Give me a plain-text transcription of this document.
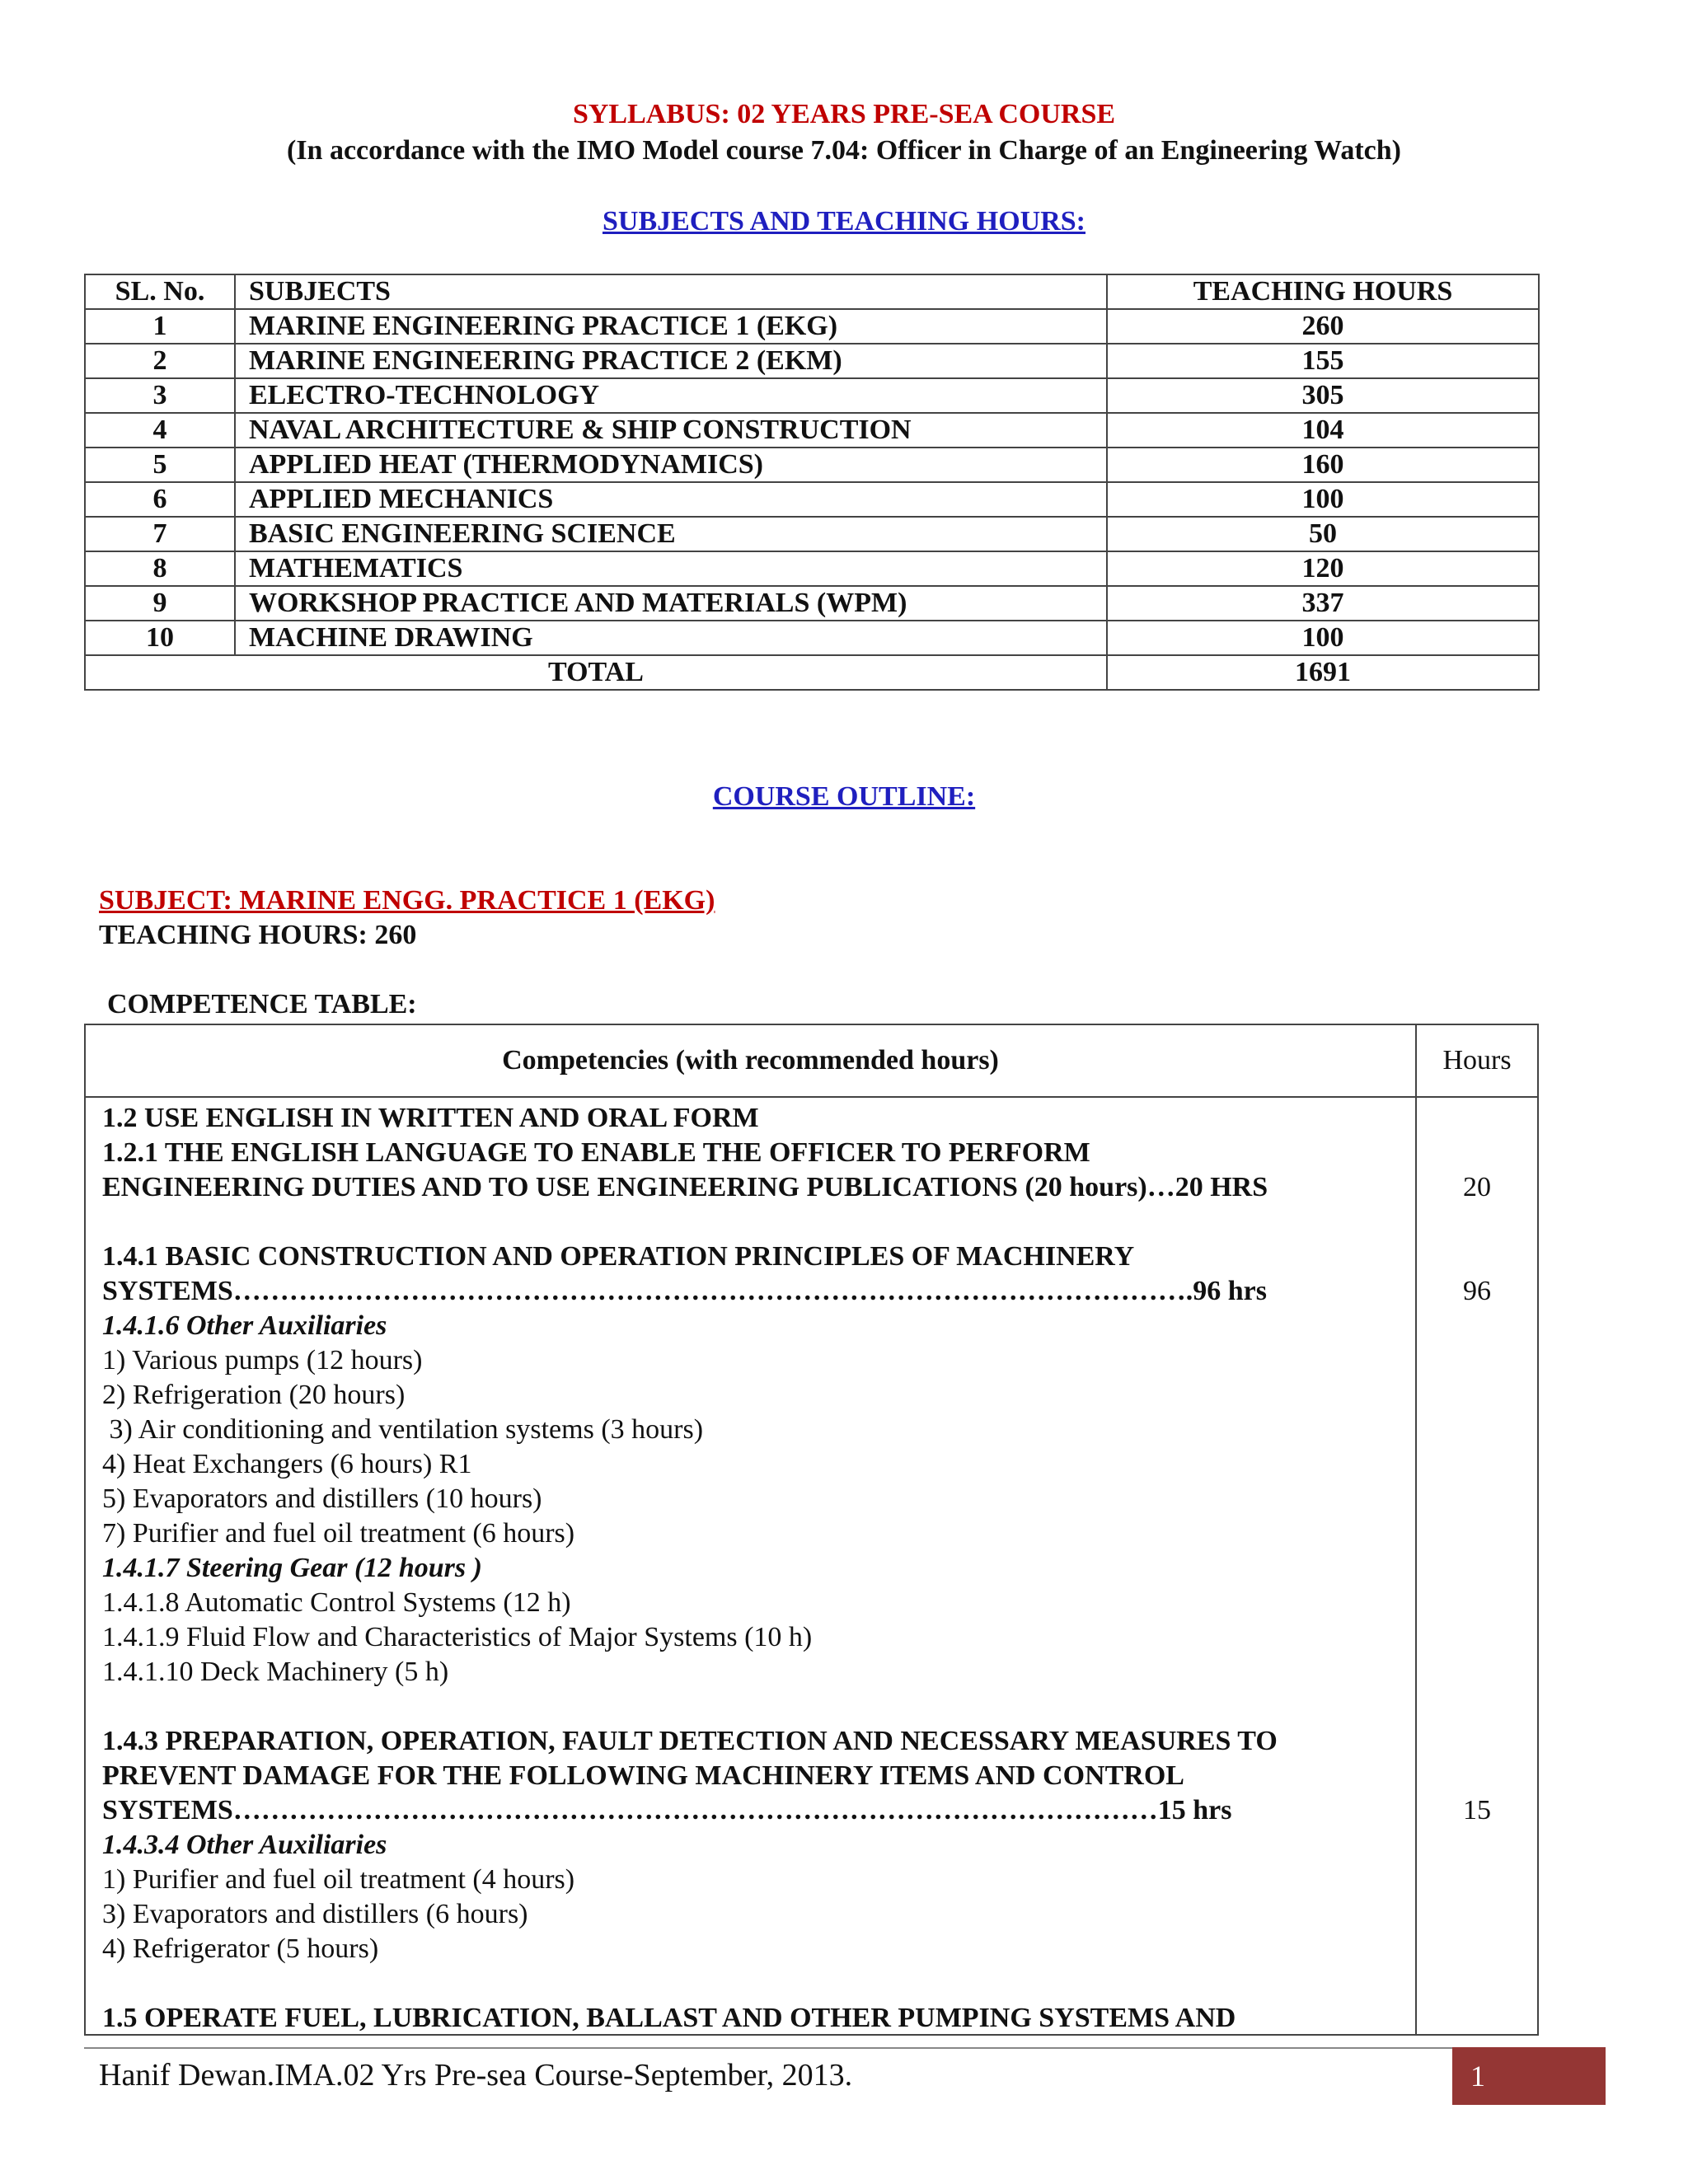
SYLLABUS: 02 YEARS PRE-SEA COURSE
(In accordance with the IMO Model course 7.04: Officer in Charge of an Engineering Watch)
SUBJECTS AND TEACHING HOURS:
SL. No.	SUBJECTS	TEACHING HOURS
1	MARINE ENGINEERING PRACTICE 1 (EKG)	260
2	MARINE ENGINEERING PRACTICE 2 (EKM)	155
3	ELECTRO-TECHNOLOGY	305
4	NAVAL ARCHITECTURE & SHIP CONSTRUCTION	104
5	APPLIED HEAT (THERMODYNAMICS)	160
6	APPLIED MECHANICS	100
7	BASIC ENGINEERING SCIENCE	50
8	MATHEMATICS	120
9	WORKSHOP PRACTICE AND MATERIALS (WPM)	337
10	MACHINE DRAWING	100
TOTAL		1691
COURSE OUTLINE:
SUBJECT: MARINE ENGG. PRACTICE 1 (EKG)
TEACHING HOURS: 260
COMPETENCE TABLE:
Competencies (with recommended hours)	Hours
1.2 USE ENGLISH IN WRITTEN AND ORAL FORM
1.2.1 THE ENGLISH LANGUAGE TO ENABLE THE OFFICER TO PERFORM
ENGINEERING DUTIES AND TO USE ENGINEERING PUBLICATIONS (20 hours)…20 HRS	20
1.4.1 BASIC CONSTRUCTION AND OPERATION PRINCIPLES OF MACHINERY
SYSTEMS………………………………………………………………………………………….96 hrs	96
1.4.1.6 Other Auxiliaries
1) Various pumps (12 hours)
2) Refrigeration (20 hours)
3) Air conditioning and ventilation systems (3 hours)
4) Heat Exchangers (6 hours) R1
5) Evaporators and distillers (10 hours)
7) Purifier and fuel oil treatment (6 hours)
1.4.1.7 Steering Gear (12 hours )
1.4.1.8 Automatic Control Systems (12 h)
1.4.1.9 Fluid Flow and Characteristics of Major Systems (10 h)
1.4.1.10 Deck Machinery (5 h)
1.4.3 PREPARATION, OPERATION, FAULT DETECTION AND NECESSARY MEASURES TO
PREVENT DAMAGE FOR THE FOLLOWING MACHINERY ITEMS AND CONTROL
SYSTEMS………………………………………………………………………………………15 hrs	15
1.4.3.4 Other Auxiliaries
1) Purifier and fuel oil treatment (4 hours)
3) Evaporators and distillers (6 hours)
4) Refrigerator (5 hours)
1.5 OPERATE FUEL, LUBRICATION, BALLAST AND OTHER PUMPING SYSTEMS AND
Hanif Dewan.IMA.02 Yrs Pre-sea Course-September, 2013.	1
